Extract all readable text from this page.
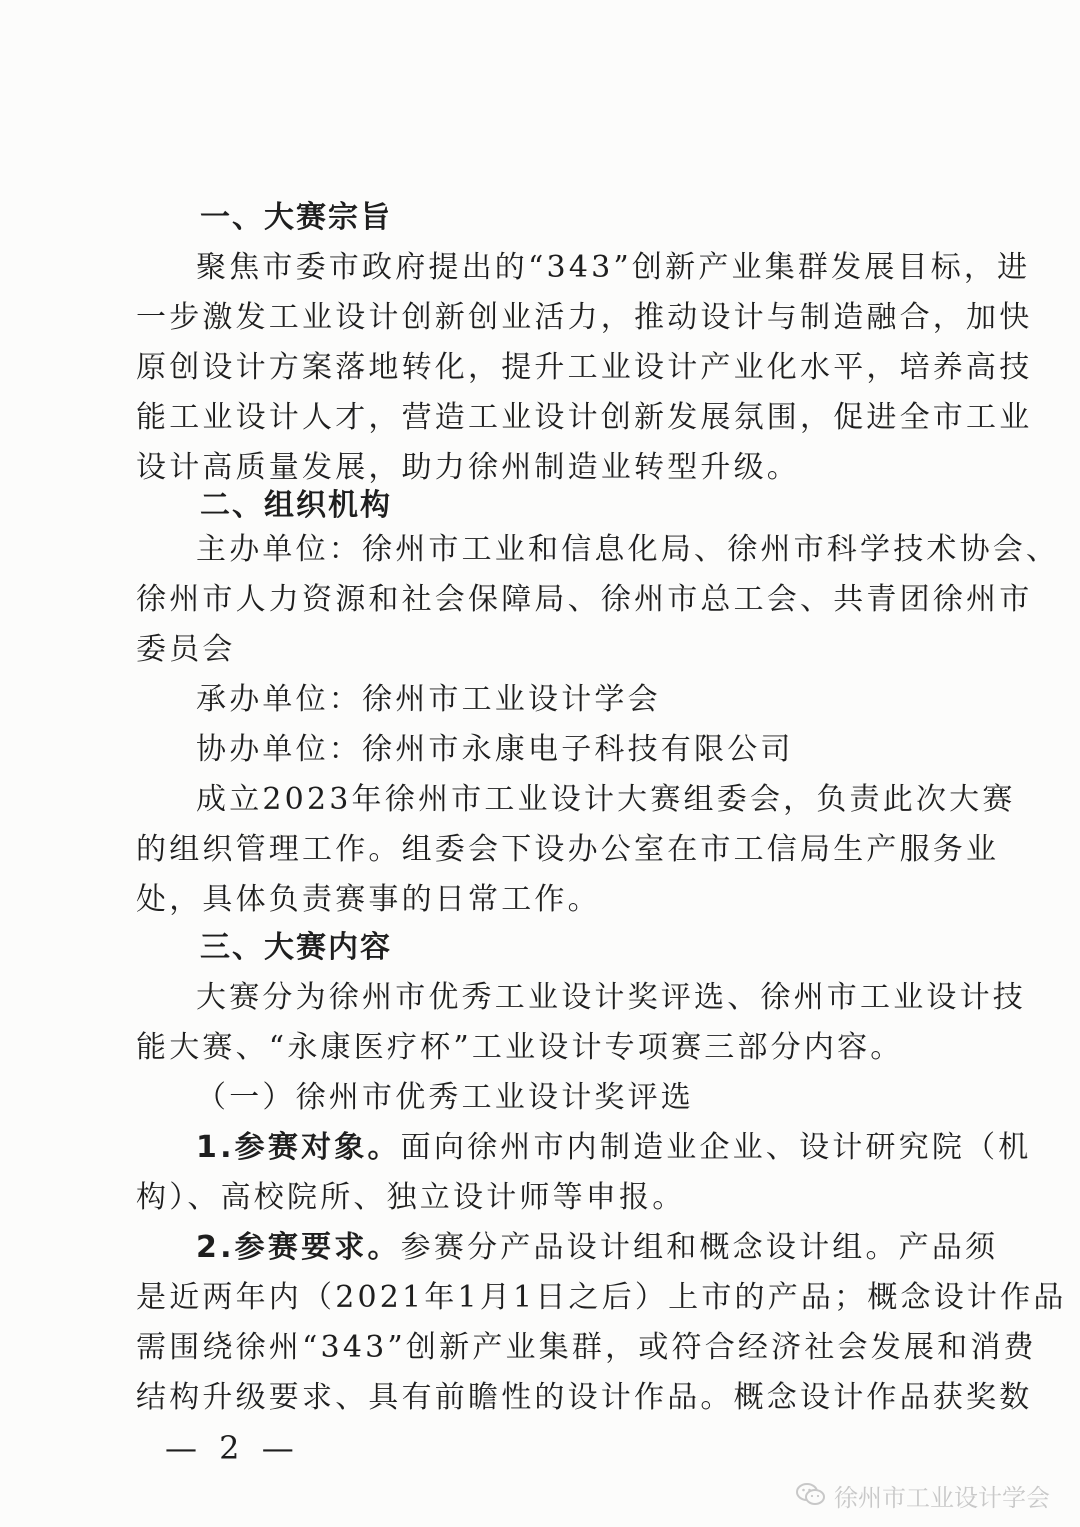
一、大赛宗旨
聚焦市委市政府提出的“343”创新产业集群发展目标，进
一步激发工业设计创新创业活力，推动设计与制造融合，加快
原创设计方案落地转化，提升工业设计产业化水平，培养高技
能工业设计人才，营造工业设计创新发展氛围，促进全市工业
设计高质量发展，助力徐州制造业转型升级。
二、组织机构
主办单位：徐州市工业和信息化局、徐州市科学技术协会、
徐州市人力资源和社会保障局、徐州市总工会、共青团徐州市
委员会
承办单位：徐州市工业设计学会
协办单位：徐州市永康电子科技有限公司
成立2023年徐州市工业设计大赛组委会，负责此次大赛
的组织管理工作。组委会下设办公室在市工信局生产服务业
处，具体负责赛事的日常工作。
三、大赛内容
大赛分为徐州市优秀工业设计奖评选、徐州市工业设计技
能大赛、“永康医疗杯”工业设计专项赛三部分内容。
（一）徐州市优秀工业设计奖评选
1.参赛对象。面向徐州市内制造业企业、设计研究院（机
构）、高校院所、独立设计师等申报。
2.参赛要求。参赛分产品设计组和概念设计组。产品须
是近两年内（2021年1月1日之后）上市的产品；概念设计作品
需围绕徐州“343”创新产业集群，或符合经济社会发展和消费
结构升级要求、具有前瞻性的设计作品。概念设计作品获奖数
— 2 —
徐州市工业设计学会
